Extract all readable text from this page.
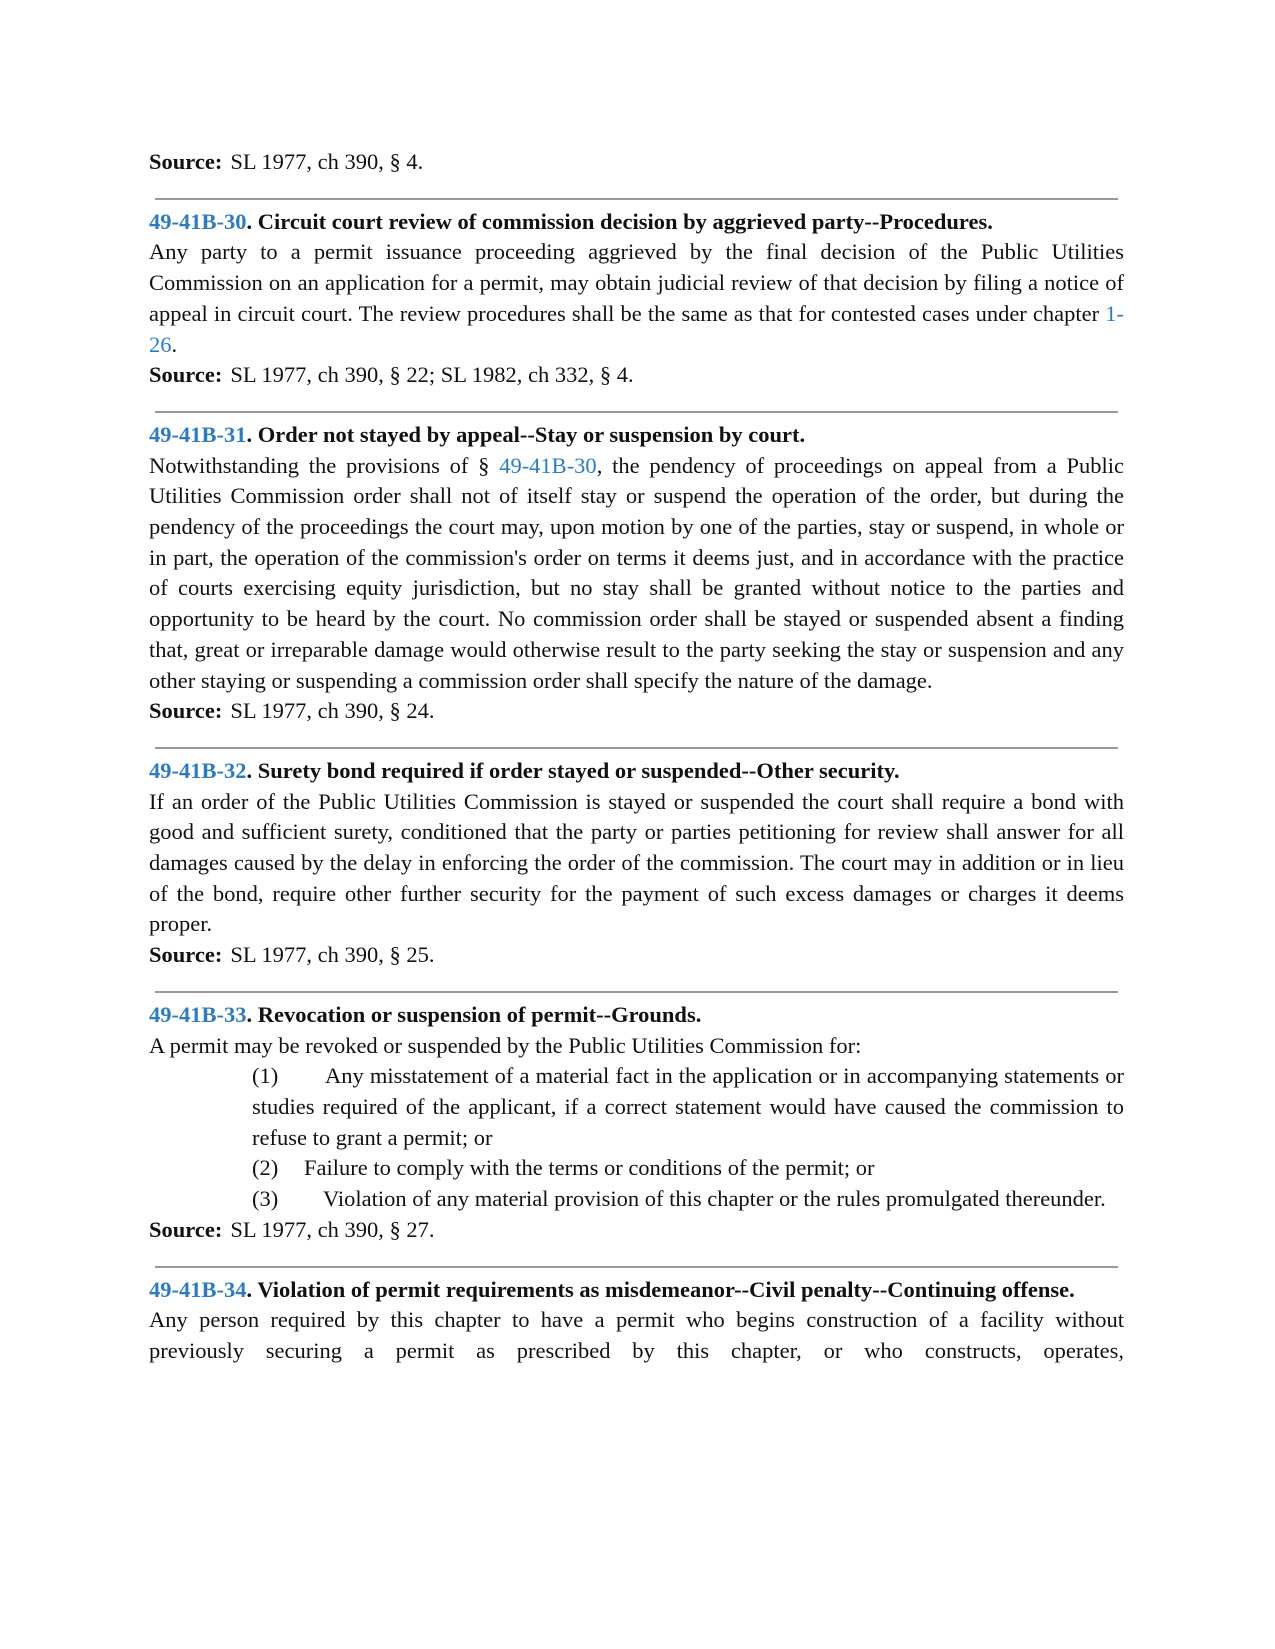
Source: SL 1977, ch 390, § 4.

49-41B-30. Circuit court review of commission decision by aggrieved party--Procedures.

Any party to a permit issuance proceeding aggrieved by the final decision of the Public Utilities Commission on an application for a permit, may obtain judicial review of that decision by filing a notice of appeal in circuit court. The review procedures shall be the same as that for contested cases under chapter 1-26.

Source: SL 1977, ch 390, § 22; SL 1982, ch 332, § 4.

49-41B-31. Order not stayed by appeal--Stay or suspension by court.

Notwithstanding the provisions of § 49-41B-30, the pendency of proceedings on appeal from a Public Utilities Commission order shall not of itself stay or suspend the operation of the order, but during the pendency of the proceedings the court may, upon motion by one of the parties, stay or suspend, in whole or in part, the operation of the commission's order on terms it deems just, and in accordance with the practice of courts exercising equity jurisdiction, but no stay shall be granted without notice to the parties and opportunity to be heard by the court. No commission order shall be stayed or suspended absent a finding that, great or irreparable damage would otherwise result to the party seeking the stay or suspension and any other staying or suspending a commission order shall specify the nature of the damage.

Source: SL 1977, ch 390, § 24.

49-41B-32. Surety bond required if order stayed or suspended--Other security.

If an order of the Public Utilities Commission is stayed or suspended the court shall require a bond with good and sufficient surety, conditioned that the party or parties petitioning for review shall answer for all damages caused by the delay in enforcing the order of the commission. The court may in addition or in lieu of the bond, require other further security for the payment of such excess damages or charges it deems proper.

Source: SL 1977, ch 390, § 25.

49-41B-33. Revocation or suspension of permit--Grounds.

A permit may be revoked or suspended by the Public Utilities Commission for:

(1) Any misstatement of a material fact in the application or in accompanying statements or studies required of the applicant, if a correct statement would have caused the commission to refuse to grant a permit; or

(2) Failure to comply with the terms or conditions of the permit; or

(3) Violation of any material provision of this chapter or the rules promulgated thereunder.

Source: SL 1977, ch 390, § 27.

49-41B-34. Violation of permit requirements as misdemeanor--Civil penalty--Continuing offense.

Any person required by this chapter to have a permit who begins construction of a facility without previously securing a permit as prescribed by this chapter, or who constructs, operates,
